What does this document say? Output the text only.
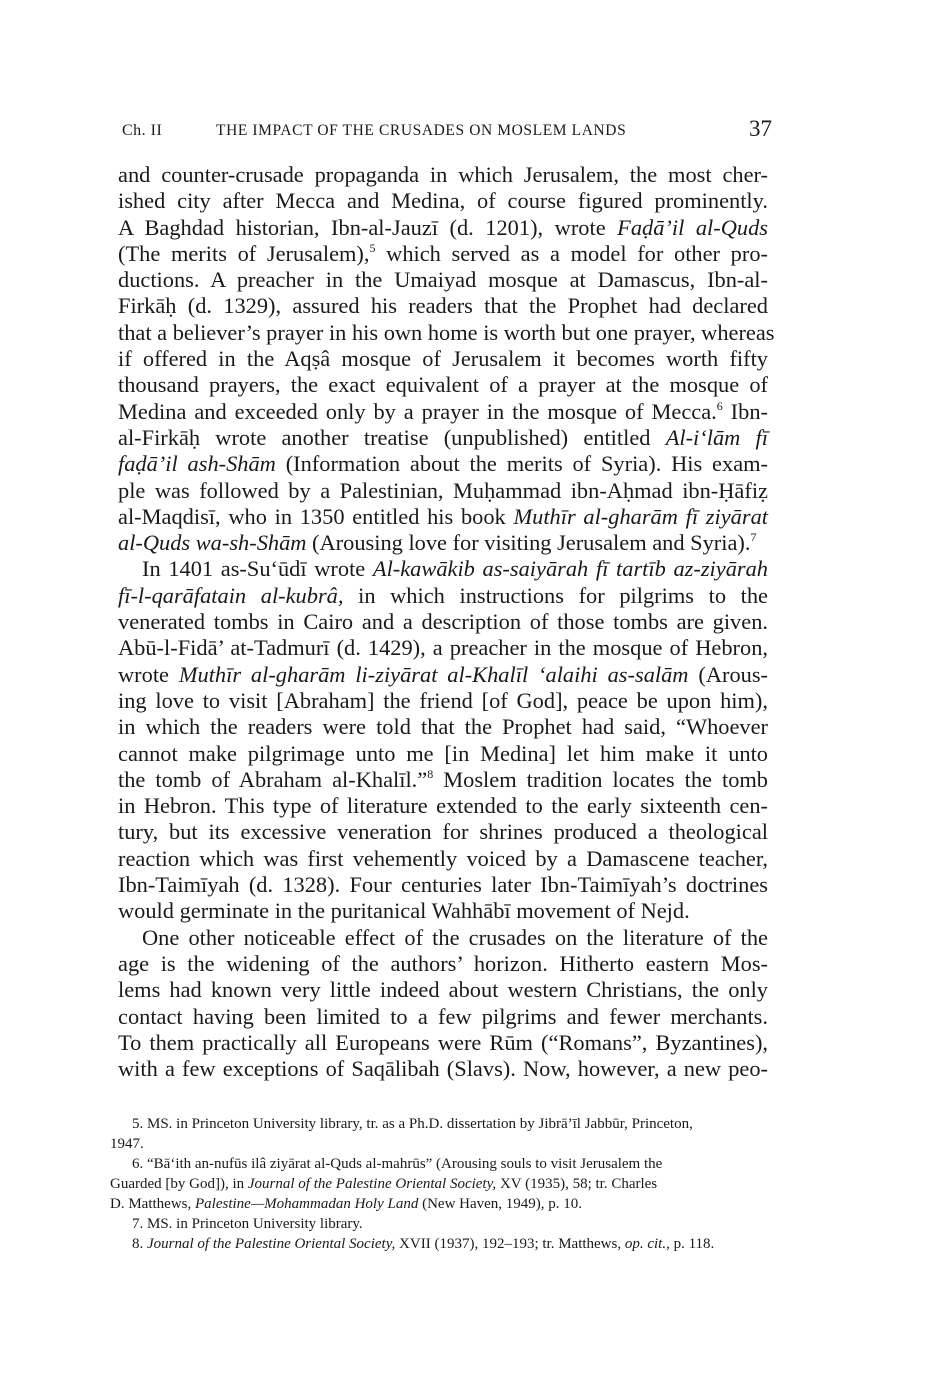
Ch. II	THE IMPACT OF THE CRUSADES ON MOSLEM LANDS	37
and counter-crusade propaganda in which Jerusalem, the most cher-
ished city after Mecca and Medina, of course figured prominently.
A Baghdad historian, Ibn-al-Jauzī (d. 1201), wrote Faḍā’il al-Quds
(The merits of Jerusalem),$^5$ which served as a model for other pro-
ductions. A preacher in the Umaiyad mosque at Damascus, Ibn-al-
Firkāḥ (d. 1329), assured his readers that the Prophet had declared
that a believer’s prayer in his own home is worth but one prayer, whereas
if offered in the Aqṣâ mosque of Jerusalem it becomes worth fifty
thousand prayers, the exact equivalent of a prayer at the mosque of
Medina and exceeded only by a prayer in the mosque of Mecca.$^6$ Ibn-
al-Firkāḥ wrote another treatise (unpublished) entitled Al-i‘lām fī
faḍā’il ash-Shām (Information about the merits of Syria). His exam-
ple was followed by a Palestinian, Muḥammad ibn-Aḥmad ibn-Ḥāfiẓ
al-Maqdisī, who in 1350 entitled his book Muthīr al-gharām fī ziyārat
al-Quds wa-sh-Shām (Arousing love for visiting Jerusalem and Syria).$^7$
In 1401 as-Su‘ūdī wrote Al-kawākib as-saiyārah fī tartīb az-ziyārah
fī-l-qarāfatain al-kubrâ, in which instructions for pilgrims to the
venerated tombs in Cairo and a description of those tombs are given.
Abū-l-Fidā’ at-Tadmurī (d. 1429), a preacher in the mosque of Hebron,
wrote Muthīr al-gharām li-ziyārat al-Khalīl ‘alaihi as-salām (Arous-
ing love to visit [Abraham] the friend [of God], peace be upon him),
in which the readers were told that the Prophet had said, “Whoever
cannot make pilgrimage unto me [in Medina] let him make it unto
the tomb of Abraham al-Khalīl.”$^8$ Moslem tradition locates the tomb
in Hebron. This type of literature extended to the early sixteenth cen-
tury, but its excessive veneration for shrines produced a theological
reaction which was first vehemently voiced by a Damascene teacher,
Ibn-Taimīyah (d. 1328). Four centuries later Ibn-Taimīyah’s doctrines
would germinate in the puritanical Wahhābī movement of Nejd.
One other noticeable effect of the crusades on the literature of the
age is the widening of the authors’ horizon. Hitherto eastern Mos-
lems had known very little indeed about western Christians, the only
contact having been limited to a few pilgrims and fewer merchants.
To them practically all Europeans were Rūm (“Romans”, Byzantines),
with a few exceptions of Saqālibah (Slavs). Now, however, a new peo-
5. MS. in Princeton University library, tr. as a Ph.D. dissertation by Jibrā’īl Jabbūr, Princeton,
1947.
6. “Bā‘ith an-nufūs ilâ ziyārat al-Quds al-mahrūs” (Arousing souls to visit Jerusalem the
Guarded [by God]), in Journal of the Palestine Oriental Society, XV (1935), 58; tr. Charles
D. Matthews, Palestine—Mohammadan Holy Land (New Haven, 1949), p. 10.
7. MS. in Princeton University library.
8. Journal of the Palestine Oriental Society, XVII (1937), 192–193; tr. Matthews, op. cit., p. 118.
